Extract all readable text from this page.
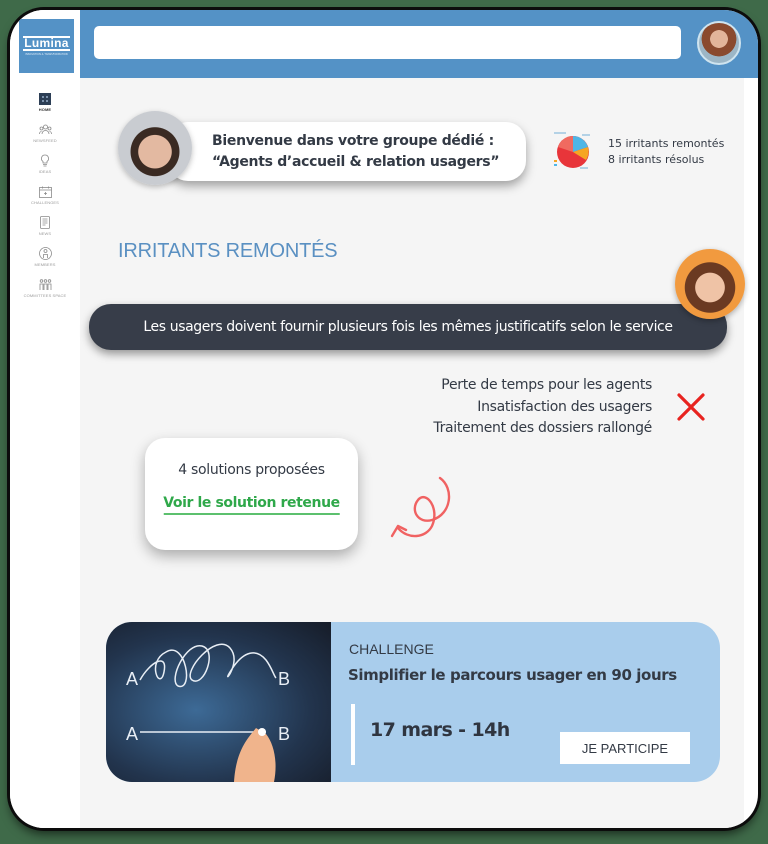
Lumina
INNOVATION & TRANSFORMATION
HOME
NEWSFEED
IDEAS
CHALLENGES
NEWS
MEMBERS
COMMITTEES SPACE
Bienvenue dans votre groupe dédié :
“Agents d’accueil & relation usagers”
15 irritants remontés
8 irritants résolus
IRRITANTS REMONTÉS
Les usagers doivent fournir plusieurs fois les mêmes justificatifs selon le service
Perte de temps pour les agents
Insatisfaction des usagers
Traitement des dossiers rallongé
4 solutions proposées
Voir le solution retenue
A	B
A	B
CHALLENGE
Simplifier le parcours usager en 90 jours
17 mars - 14h
JE PARTICIPE
